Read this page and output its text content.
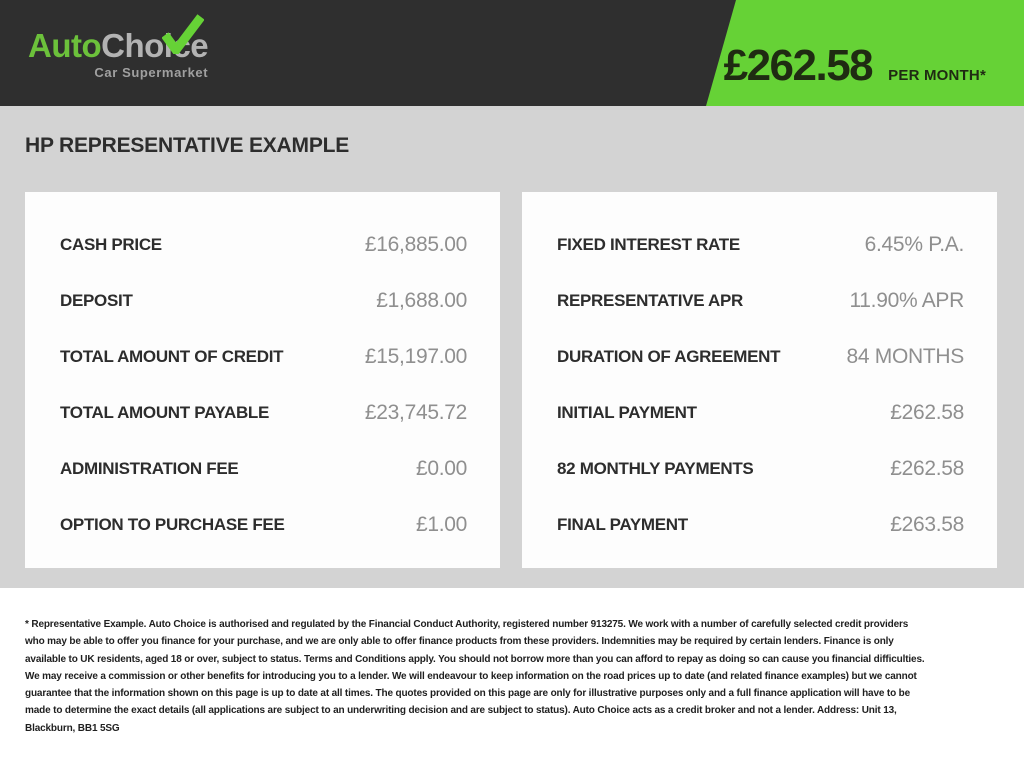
AutoChoice
Car Supermarket	£262.58 PER MONTH*
HP REPRESENTATIVE EXAMPLE
CASH PRICE	£16,885.00
DEPOSIT	£1,688.00
TOTAL AMOUNT OF CREDIT	£15,197.00
TOTAL AMOUNT PAYABLE	£23,745.72
ADMINISTRATION FEE	£0.00
OPTION TO PURCHASE FEE	£1.00
FIXED INTEREST RATE	6.45% P.A.
REPRESENTATIVE APR	11.90% APR
DURATION OF AGREEMENT	84 MONTHS
INITIAL PAYMENT	£262.58
82 MONTHLY PAYMENTS	£262.58
FINAL PAYMENT	£263.58

* Representative Example. Auto Choice is authorised and regulated by the Financial Conduct Authority, registered number 913275. We work with a number of carefully selected credit providers who may be able to offer you finance for your purchase, and we are only able to offer finance products from these providers. Indemnities may be required by certain lenders. Finance is only available to UK residents, aged 18 or over, subject to status. Terms and Conditions apply. You should not borrow more than you can afford to repay as doing so can cause you financial difficulties. We may receive a commission or other benefits for introducing you to a lender. We will endeavour to keep information on the road prices up to date (and related finance examples) but we cannot guarantee that the information shown on this page is up to date at all times. The quotes provided on this page are only for illustrative purposes only and a full finance application will have to be made to determine the exact details (all applications are subject to an underwriting decision and are subject to status). Auto Choice acts as a credit broker and not a lender. Address: Unit 13, Blackburn, BB1 5SG
